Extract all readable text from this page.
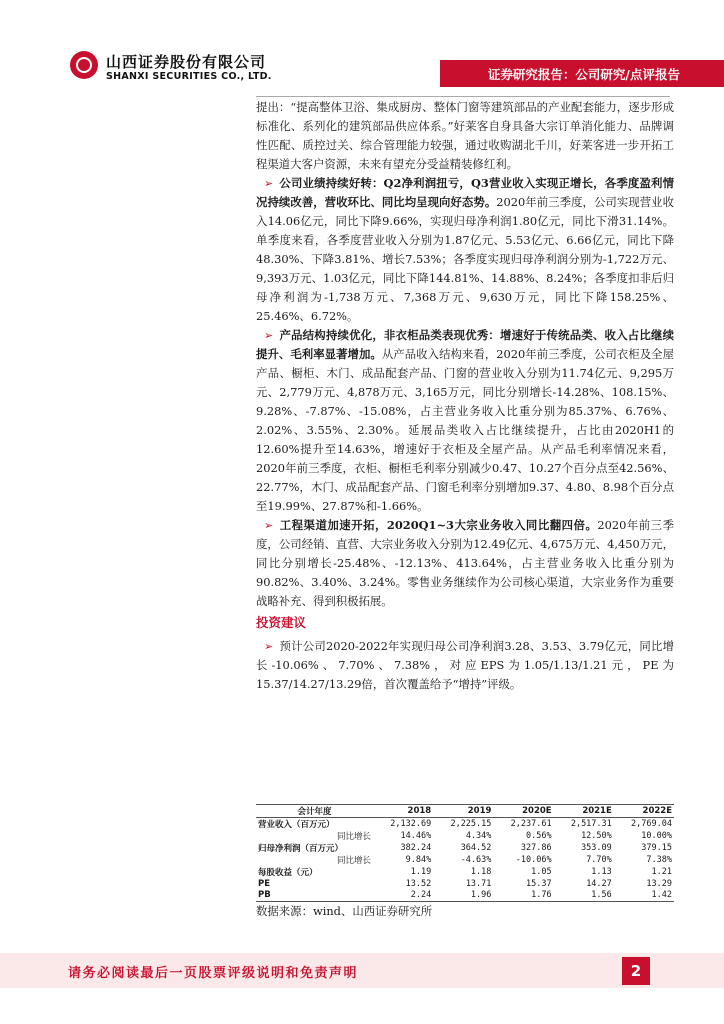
山西证券股份有限公司
SHANXI SECURITIES CO., LTD.	证券研究报告：公司研究/点评报告

提出：“提高整体卫浴、集成厨房、整体门窗等建筑部品的产业配套能力，逐步形成标准化、系列化的建筑部品供应体系。”好莱客自身具备大宗订单消化能力、品牌调性匹配、质控过关、综合管理能力较强，通过收购湖北千川，好莱客进一步开拓工程渠道大客户资源，未来有望充分受益精装修红利。

➢ 公司业绩持续好转：Q2净利润扭亏，Q3营业收入实现正增长，各季度盈利情况持续改善，营收环比、同比均呈现向好态势。2020年前三季度，公司实现营业收入14.06亿元，同比下降9.66%，实现归母净利润1.80亿元，同比下滑31.14%。单季度来看，各季度营业收入分别为1.87亿元、5.53亿元、6.66亿元，同比下降48.30%、下降3.81%、增长7.53%；各季度实现归母净利润分别为-1,722万元、9,393万元、1.03亿元，同比下降144.81%、14.88%、8.24%；各季度扣非后归母净利润为-1,738万元、7,368万元、9,630万元，同比下降158.25%、25.46%、6.72%。

➢ 产品结构持续优化，非衣柜品类表现优秀：增速好于传统品类、收入占比继续提升、毛利率显著增加。从产品收入结构来看，2020年前三季度，公司衣柜及全屋产品、橱柜、木门、成品配套产品、门窗的营业收入分别为11.74亿元、9,295万元、2,779万元、4,878万元、3,165万元，同比分别增长-14.28%、108.15%、9.28%、-7.87%、-15.08%，占主营业务收入比重分别为85.37%、6.76%、2.02%、3.55%、2.30%。延展品类收入占比继续提升，占比由2020H1的12.60%提升至14.63%，增速好于衣柜及全屋产品。从产品毛利率情况来看，2020年前三季度，衣柜、橱柜毛利率分别减少0.47、10.27个百分点至42.56%、22.77%，木门、成品配套产品、门窗毛利率分别增加9.37、4.80、8.98个百分点至19.99%、27.87%和-1.66%。

➢ 工程渠道加速开拓，2020Q1~3大宗业务收入同比翻四倍。2020年前三季度，公司经销、直营、大宗业务收入分别为12.49亿元、4,675万元、4,450万元，同比分别增长-25.48%、-12.13%、413.64%，占主营业务收入比重分别为90.82%、3.40%、3.24%。零售业务继续作为公司核心渠道，大宗业务作为重要战略补充、得到积极拓展。

投资建议

➢ 预计公司2020-2022年实现归母公司净利润3.28、3.53、3.79亿元，同比增长-10.06%、7.70%、7.38%，对应EPS为1.05/1.13/1.21元，PE为15.37/14.27/13.29倍，首次覆盖给予“增持”评级。

会计年度	2018	2019	2020E	2021E	2022E
营业收入（百万元）	2,132.69	2,225.15	2,237.61	2,517.31	2,769.04
同比增长	14.46%	4.34%	0.56%	12.50%	10.00%
归母净利润（百万元）	382.24	364.52	327.86	353.09	379.15
同比增长	9.84%	-4.63%	-10.06%	7.70%	7.38%
每股收益（元）	1.19	1.18	1.05	1.13	1.21
PE	13.52	13.71	15.37	14.27	13.29
PB	2.24	1.96	1.76	1.56	1.42
数据来源：wind、山西证券研究所
请务必阅读最后一页股票评级说明和免责声明	2
